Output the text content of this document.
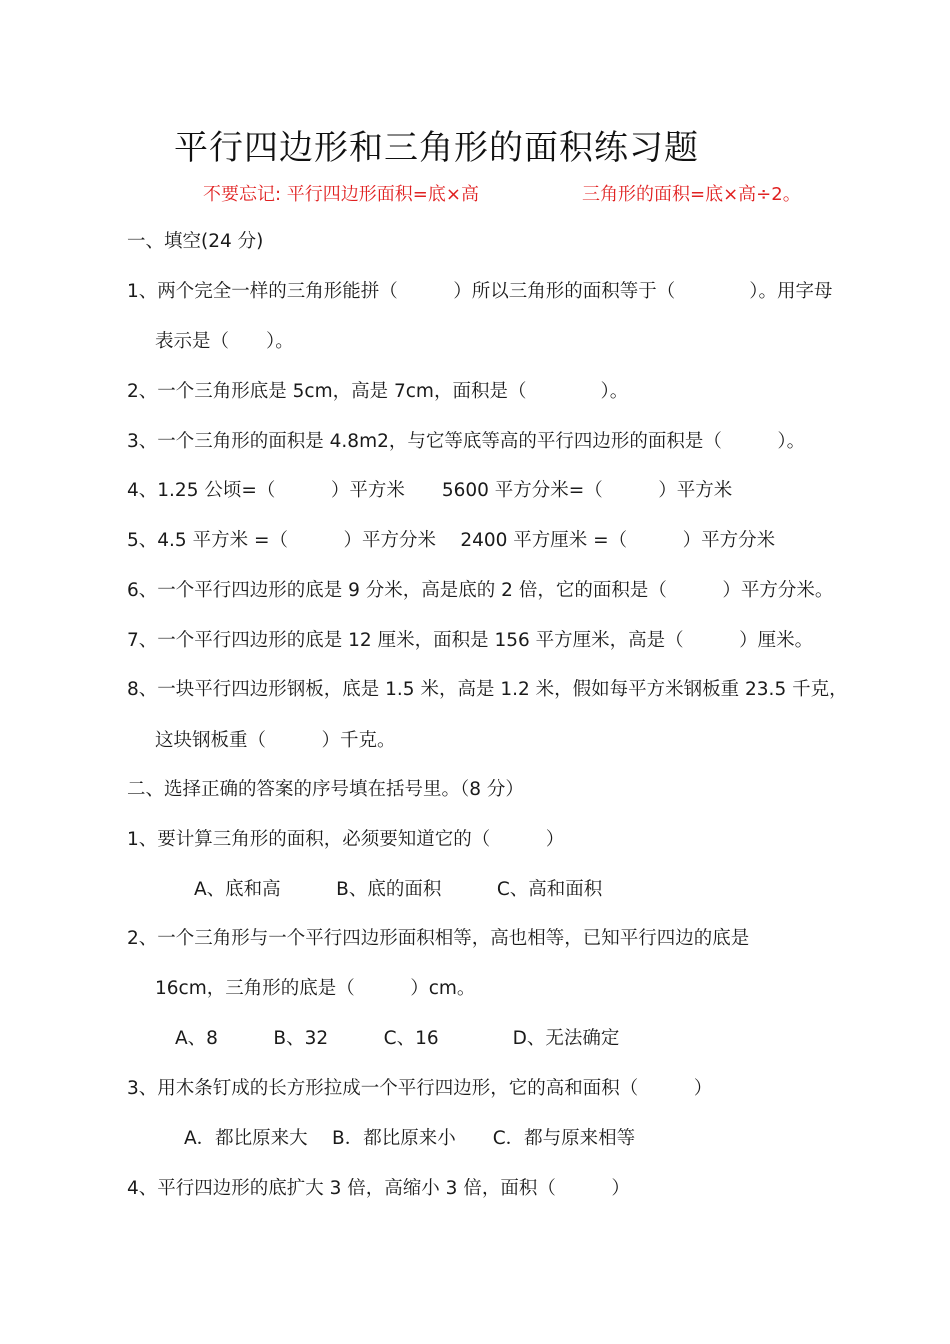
平行四边形和三角形的面积练习题
不要忘记: 平行四边形面积=底×高	三角形的面积=底×高÷2。
一、填空(24 分)
1、两个完全一样的三角形能拼（　　　）所以三角形的面积等于（　　　　）。用字母
表示是（　　）。
2、一个三角形底是 5cm，高是 7cm，面积是（　　　　）。
3、一个三角形的面积是 4.8m2，与它等底等高的平行四边形的面积是（　　　）。
4、1.25 公顷=（　　　）平方米　　5600 平方分米=（　　　）平方米
5、4.5 平方米 =（　　　）平方分米　 2400 平方厘米 =（　　　）平方分米
6、一个平行四边形的底是 9 分米，高是底的 2 倍，它的面积是（　　　）平方分米。
7、一个平行四边形的底是 12 厘米，面积是 156 平方厘米，高是（　　　）厘米。
8、一块平行四边形钢板，底是 1.5 米，高是 1.2 米，假如每平方米钢板重 23.5 千克，
这块钢板重（　　　）千克。
二、选择正确的答案的序号填在括号里。（8 分）
1、要计算三角形的面积，必须要知道它的（　　　）
A、底和高　　　B、底的面积　　　C、高和面积
2、一个三角形与一个平行四边形面积相等，高也相等，已知平行四边的底是
16cm，三角形的底是（　　　）cm。
A、8　　　B、32　　　C、16　　　　D、无法确定
3、用木条钉成的长方形拉成一个平行四边形，它的高和面积（　　　）
A．都比原来大　 B．都比原来小　　C．都与原来相等
4、平行四边形的底扩大 3 倍，高缩小 3 倍，面积（　　　）
